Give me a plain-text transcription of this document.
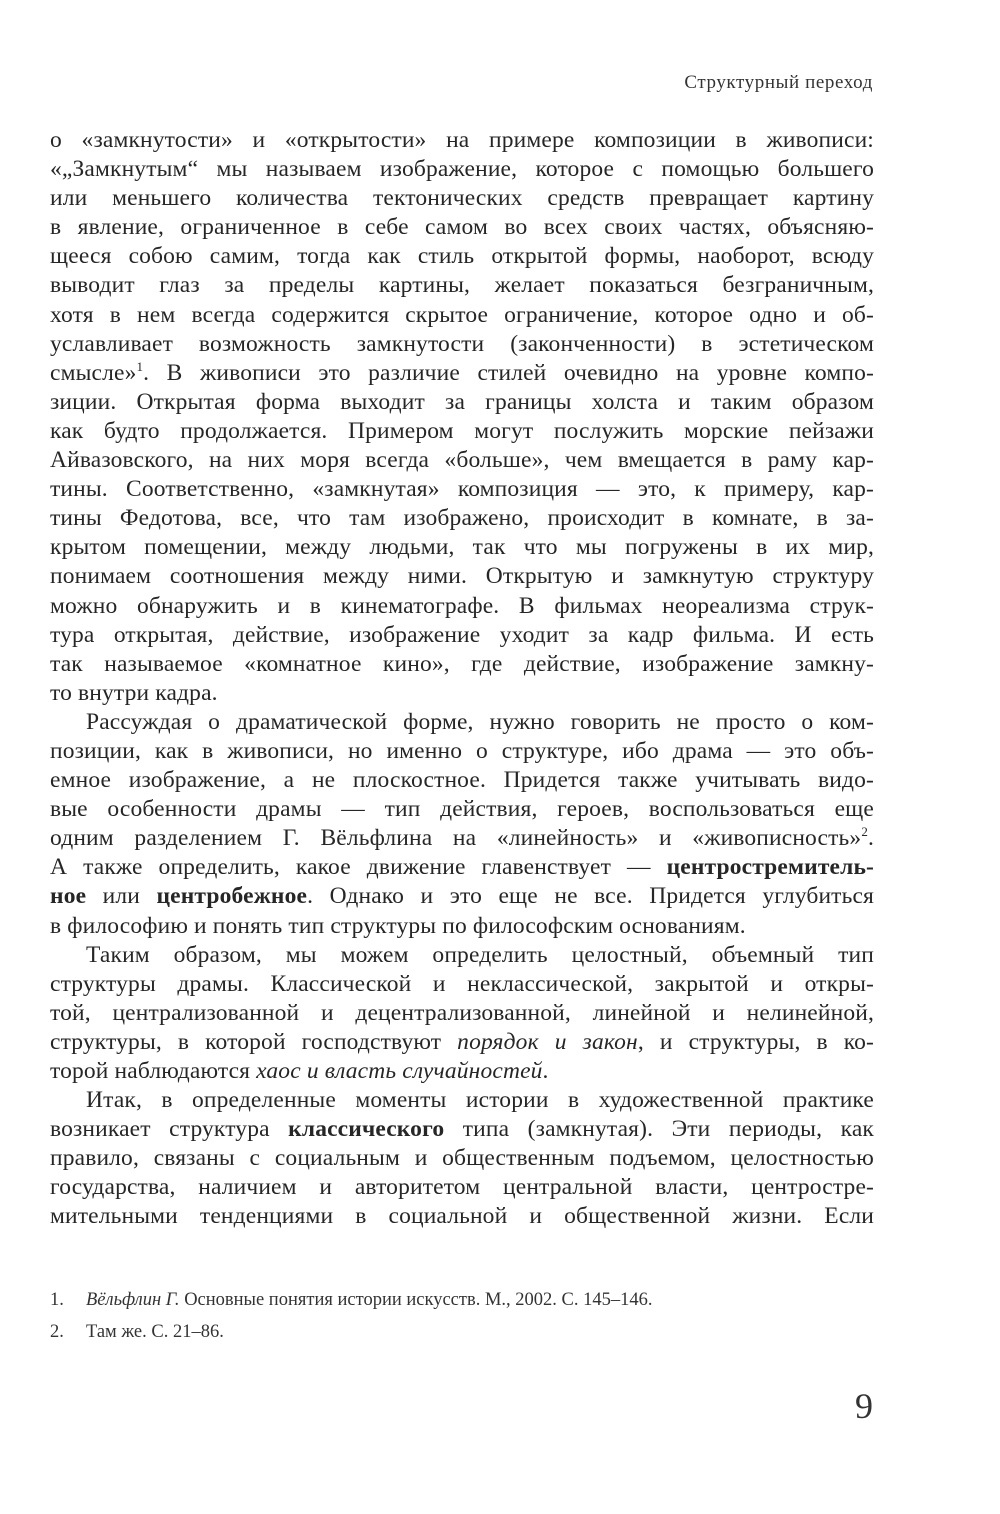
Структурный переход
о «замкнутости» и «открытости» на примере композиции в живописи:
«„Замкнутым“ мы называем изображение, которое с помощью большего
или меньшего количества тектонических средств превращает картину
в явление, ограниченное в себе самом во всех своих частях, объясняю-
щееся собою самим, тогда как стиль открытой формы, наоборот, всюду
выводит глаз за пределы картины, желает показаться безграничным,
хотя в нем всегда содержится скрытое ограничение, которое одно и об-
уславливает возможность замкнутости (законченности) в эстетическом
смысле»$^1$. В живописи это различие стилей очевидно на уровне компо-
зиции. Открытая форма выходит за границы холста и таким образом
как будто продолжается. Примером могут послужить морские пейзажи
Айвазовского, на них моря всегда «больше», чем вмещается в раму кар-
тины. Соответственно, «замкнутая» композиция — это, к примеру, кар-
тины Федотова, все, что там изображено, происходит в комнате, в за-
крытом помещении, между людьми, так что мы погружены в их мир,
понимаем соотношения между ними. Открытую и замкнутую структуру
можно обнаружить и в кинематографе. В фильмах неореализма струк-
тура открытая, действие, изображение уходит за кадр фильма. И есть
так называемое «комнатное кино», где действие, изображение замкну-
то внутри кадра.
Рассуждая о драматической форме, нужно говорить не просто о ком-
позиции, как в живописи, но именно о структуре, ибо драма — это объ-
емное изображение, а не плоскостное. Придется также учитывать видо-
вые особенности драмы — тип действия, героев, воспользоваться еще
одним разделением Г. Вёльфлина на «линейность» и «живописность»$^2$.
А также определить, какое движение главенствует — центростремитель-
ное или центробежное. Однако и это еще не все. Придется углубиться
в философию и понять тип структуры по философским основаниям.
Таким образом, мы можем определить целостный, объемный тип
структуры драмы. Классической и неклассической, закрытой и откры-
той, централизованной и децентрализованной, линейной и нелинейной,
структуры, в которой господствуют порядок и закон, и структуры, в ко-
торой наблюдаются хаос и власть случайностей.
Итак, в определенные моменты истории в художественной практике
возникает структура классического типа (замкнутая). Эти периоды, как
правило, связаны с социальным и общественным подъемом, целостностью
государства, наличием и авторитетом центральной власти, центростре-
мительными тенденциями в социальной и общественной жизни. Если
1. Вёльфлин Г. Основные понятия истории искусств. М., 2002. С. 145–146.
2. Там же. С. 21–86.
9
